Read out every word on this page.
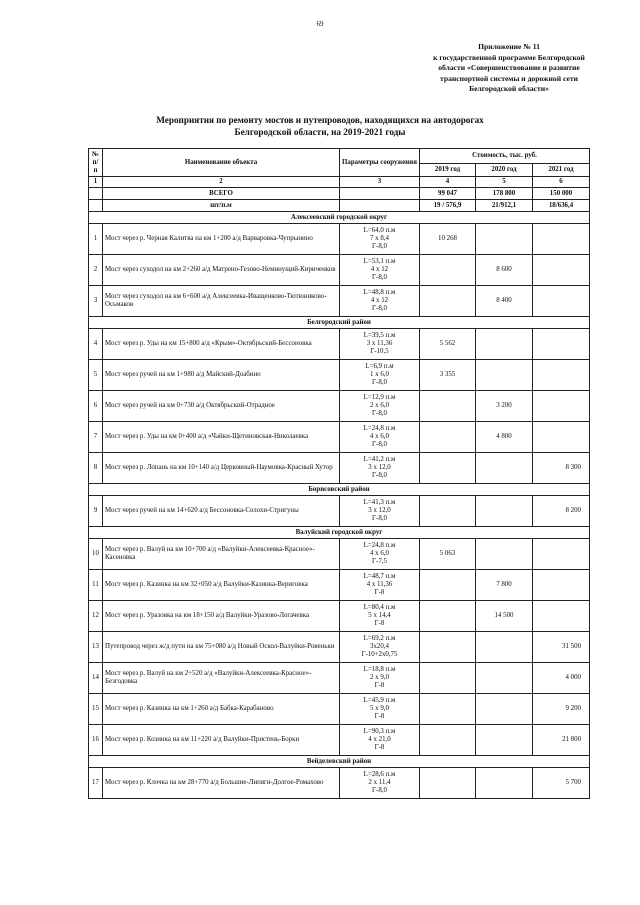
69
Приложение № 11
к государственной программе Белгородской
области «Совершенствование и развитие
транспортной системы и дорожной сети
Белгородской области»
Мероприятия по ремонту мостов и путепроводов, находящихся на автодорогах
Белгородской области, на 2019-2021 годы
№ п/п	Наименование объекта	Параметры сооружения	Стоимость, тыс. руб.		
			2019 год	2020 год	2021 год
1	2	3	4	5	6
	ВСЕГО		99 047	178 800	150 000
	шт/п.м		19 / 576,9	21/912,1	18/636,4
Алексеевский городской округ					
1	Мост через р. Черная Калитва на км 1+200 а/д Варваровка-Чупрынино	L=64,0 п.м
7 х 8,4
Г-8,0	10 268		
2	Мост через суходол на км 2+260 а/д Матрено-Гезово-Неминущий-Кириченков	L=53,1 п.м
4 х 12
Г-8,0		8 600	
3	Мост через суходол на км 6+600 а/д Алексеевка-Иващенково-Тютюниково-Осьмаков	L=48,8 п.м
4 х 12
Г-8,0		8 400	
Белгородский район					
4	Мост через р. Уды на км 15+800 а/д «Крым»-Октябрьский-Бессоновка	L=39,5 п.м
3 х 11,36
Г-10,5	5 562		
5	Мост через ручей на км 1+980 а/д Майский-Доабино	L=6,9 п.м
1 х 6,0
Г-8,0	3 355		
6	Мост через ручей на км 0+730 а/д Октябрьский-Отрадное	L=12,9 п.м
2 х 6,0
Г-8,0		3 200	
7	Мост через р. Уды на км 0+400 а/д «Чайки-Щетиновская-Николаевка	L=24,8 п.м
4 х 6,0
Г-8,0		4 800	
8	Мост через р. Лопань на км 10+140 а/д Церковный-Наумовка-Красный Хутор	L=41,2 п.м
3 х 12,0
Г-8,0			8 300
Борисовский район					
9	Мост через ручей на км 14+620 а/д Бессоновка-Солохи-Стригуны	L=41,3 п.м
3 х 12,0
Г-8,0			8 200
Валуйский городской округ					
10	Мост через р. Валуй на км 10+700 а/д «Валуйки-Алексеевка-Красное»-Касеновка	L=24,8 п.м
4 х 6,0
Г-7,5	5 063		
11	Мост через р. Казинка на км 32+050 а/д Валуйки-Казинка-Вериговка	L=48,7 п.м
4 х 11,36
Г-8		7 800	
12	Мост через р. Уразовка на км 18+150 а/д Валуйки-Уразово-Логачевка	L=80,4 п.м
5 х 14,4
Г-8		14 500	
13	Путепровод через ж/д пути на км 75+080 а/д Новый Оскол-Валуйки-Ровеньки	L=69,2 п.м
3х20,4
Г-10+2х0,75			31 500
14	Мост через р. Валуй на км 2+520 а/д «Валуйки-Алексеевка-Красное»-Безгодовка	L=18,8 п.м
2 х 9,0
Г-8			4 000
15	Мост через р. Казинка на км 1+260 а/д Бабка-Карабаново	L=45,9 п.м
5 х 9,0
Г-8			9 200
16	Мост через р. Козинка на км 11+220 а/д Валуйки-Пристень-Борки	L=90,3 п.м
4 х 21,0
Г-8			21 800
Вейделевский район					
17	Мост через р. Клочка на км 28+770 а/д Большие-Липяги-Долгое-Ромахово	L=28,6 п.м
2 х 11,4
Г-8,0			5 700
